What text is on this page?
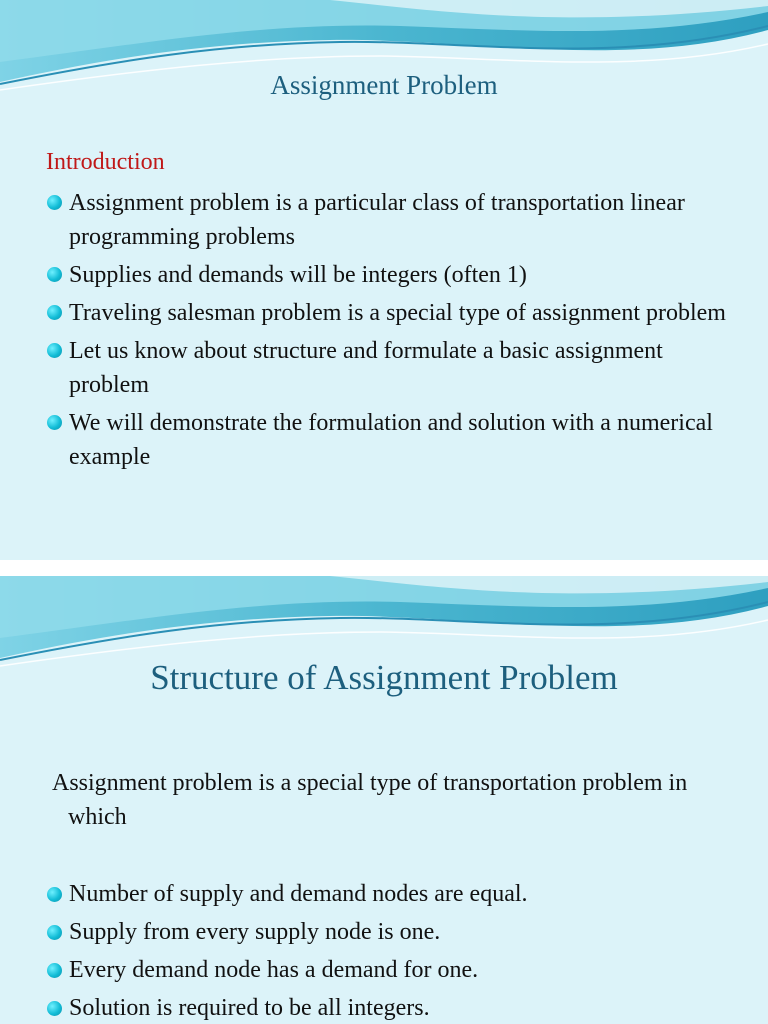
Assignment Problem

Introduction

Assignment problem is a particular class of transportation linear programming problems
Supplies and demands will be integers (often 1)
Traveling salesman problem is a special type of assignment problem
Let us know about structure and formulate a basic assignment problem
We will demonstrate the formulation and solution with a numerical example
Structure of Assignment Problem

Assignment problem is a special type of transportation problem in which

Number of supply and demand nodes are equal.
Supply from every supply node is one.
Every demand node has a demand for one.
Solution is required to be all integers.
